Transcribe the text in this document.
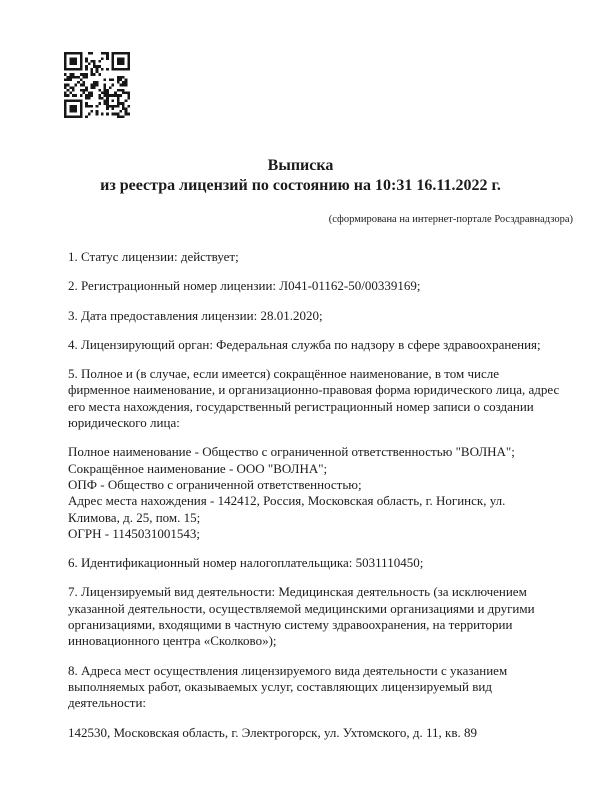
Выписка
из реестра лицензий по состоянию на 10:31 16.11.2022 г.
(сформирована на интернет-портале Росздравнадзора)

1. Статус лицензии: действует;

2. Регистрационный номер лицензии: Л041-01162-50/00339169;

3. Дата предоставления лицензии: 28.01.2020;

4. Лицензирующий орган: Федеральная служба по надзору в сфере здравоохранения;

5. Полное и (в случае, если имеется) сокращённое наименование, в том числе фирменное наименование, и организационно-правовая форма юридического лица, адрес его места нахождения, государственный регистрационный номер записи о создании юридического лица:

Полное наименование - Общество с ограниченной ответственностью "ВОЛНА";
Сокращённое наименование - ООО "ВОЛНА";
ОПФ - Общество с ограниченной ответственностью;
Адрес места нахождения - 142412, Россия, Московская область, г. Ногинск, ул. Климова, д. 25, пом. 15;
ОГРН - 1145031001543;

6. Идентификационный номер налогоплательщика: 5031110450;

7. Лицензируемый вид деятельности: Медицинская деятельность (за исключением указанной деятельности, осуществляемой медицинскими организациями и другими организациями, входящими в частную систему здравоохранения, на территории инновационного центра «Сколково»);

8. Адреса мест осуществления лицензируемого вида деятельности с указанием выполняемых работ, оказываемых услуг, составляющих лицензируемый вид деятельности:

142530, Московская область, г. Электрогорск, ул. Ухтомского, д. 11, кв. 89
